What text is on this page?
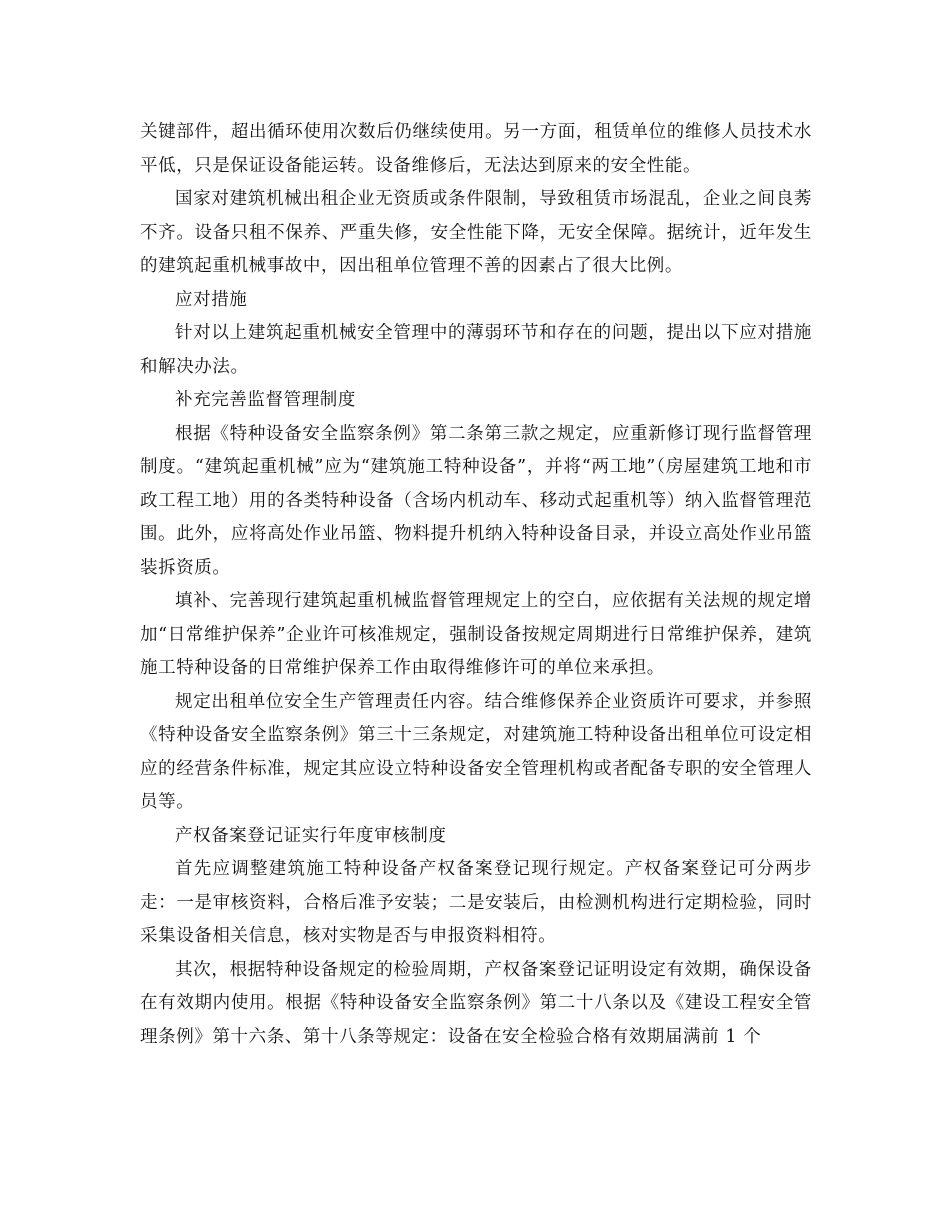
关键部件，超出循环使用次数后仍继续使用。另一方面，租赁单位的维修人员技术水平低，只是保证设备能运转。设备维修后，无法达到原来的安全性能。

国家对建筑机械出租企业无资质或条件限制，导致租赁市场混乱，企业之间良莠不齐。设备只租不保养、严重失修，安全性能下降，无安全保障。据统计，近年发生的建筑起重机械事故中，因出租单位管理不善的因素占了很大比例。

应对措施

针对以上建筑起重机械安全管理中的薄弱环节和存在的问题，提出以下应对措施和解决办法。

补充完善监督管理制度

根据《特种设备安全监察条例》第二条第三款之规定，应重新修订现行监督管理制度。“建筑起重机械”应为“建筑施工特种设备”，并将“两工地”（房屋建筑工地和市政工程工地）用的各类特种设备（含场内机动车、移动式起重机等）纳入监督管理范围。此外，应将高处作业吊篮、物料提升机纳入特种设备目录，并设立高处作业吊篮装拆资质。

填补、完善现行建筑起重机械监督管理规定上的空白，应依据有关法规的规定增加“日常维护保养”企业许可核准规定，强制设备按规定周期进行日常维护保养，建筑施工特种设备的日常维护保养工作由取得维修许可的单位来承担。

规定出租单位安全生产管理责任内容。结合维修保养企业资质许可要求，并参照《特种设备安全监察条例》第三十三条规定，对建筑施工特种设备出租单位可设定相应的经营条件标准，规定其应设立特种设备安全管理机构或者配备专职的安全管理人员等。

产权备案登记证实行年度审核制度

首先应调整建筑施工特种设备产权备案登记现行规定。产权备案登记可分两步走：一是审核资料，合格后准予安装；二是安装后，由检测机构进行定期检验，同时采集设备相关信息，核对实物是否与申报资料相符。

其次，根据特种设备规定的检验周期，产权备案登记证明设定有效期，确保设备在有效期内使用。根据《特种设备安全监察条例》第二十八条以及《建设工程安全管理条例》第十六条、第十八条等规定：设备在安全检验合格有效期届满前 1 个
